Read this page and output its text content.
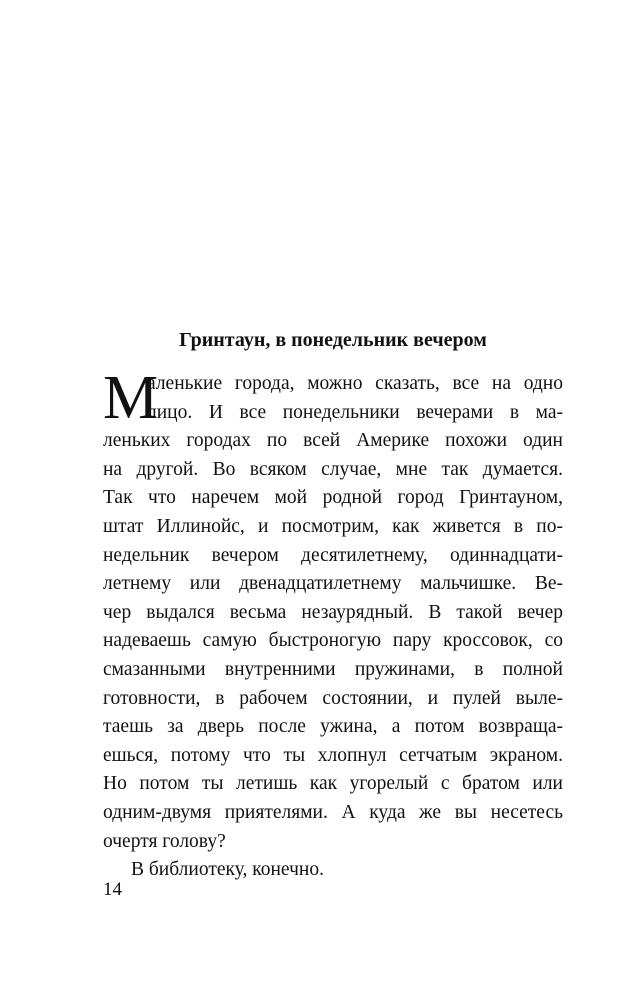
Гринтаун, в понедельник вечером
М
аленькие города, можно сказать, все на одно
лицо. И все понедельники вечерами в ма-
леньких городах по всей Америке похожи один
на другой. Во всяком случае, мне так думается.
Так что наречем мой родной город Гринтауном,
штат Иллинойс, и посмотрим, как живется в по-
недельник вечером десятилетнему, одиннадцати-
летнему или двенадцатилетнему мальчишке. Ве-
чер выдался весьма незаурядный. В такой вечер
надеваешь самую быстроногую пару кроссовок, со
смазанными внутренними пружинами, в полной
готовности, в рабочем состоянии, и пулей выле-
таешь за дверь после ужина, а потом возвраща-
ешься, потому что ты хлопнул сетчатым экраном.
Но потом ты летишь как угорелый с братом или
одним-двумя приятелями. А куда же вы несетесь
очертя голову?
В библиотеку, конечно.
14
